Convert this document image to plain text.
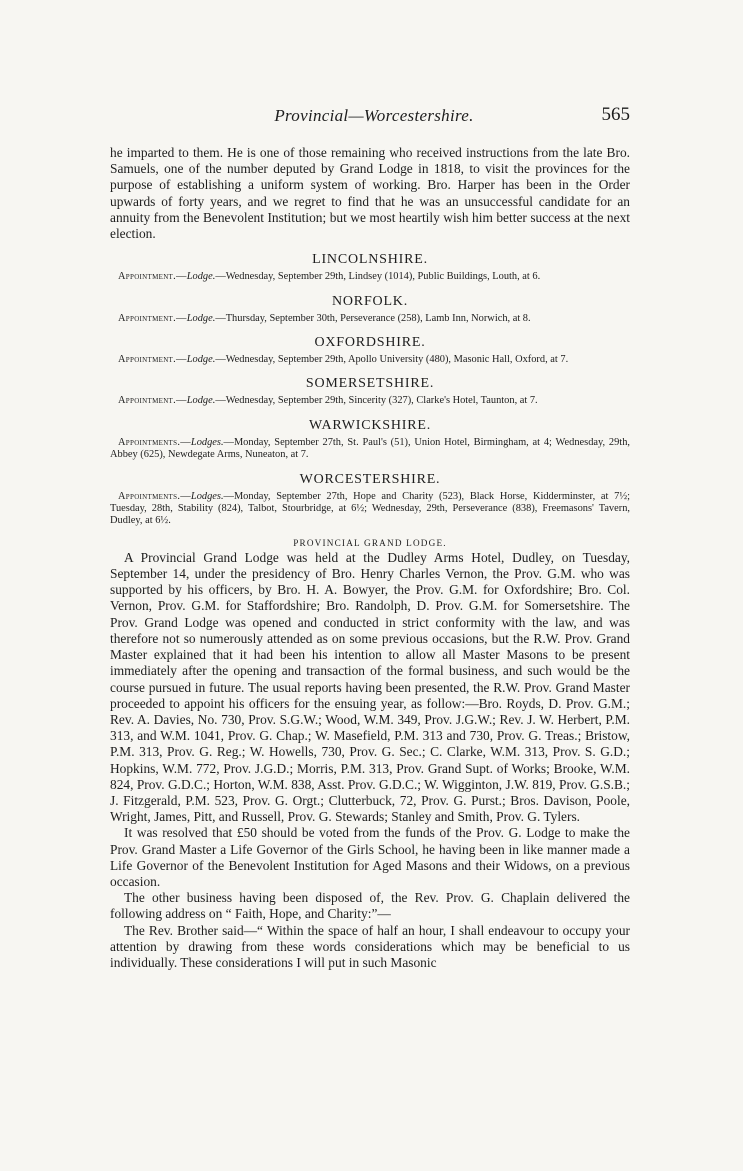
Provincial—Worcestershire.	565

he imparted to them. He is one of those remaining who received instructions from the late Bro. Samuels, one of the number deputed by Grand Lodge in 1818, to visit the provinces for the purpose of establishing a uniform system of working. Bro. Harper has been in the Order upwards of forty years, and we regret to find that he was an unsuccessful candidate for an annuity from the Benevolent Institution; but we most heartily wish him better success at the next election.

LINCOLNSHIRE.

Appointment.—Lodge.—Wednesday, September 29th, Lindsey (1014), Public Buildings, Louth, at 6.

NORFOLK.

Appointment.—Lodge.—Thursday, September 30th, Perseverance (258), Lamb Inn, Norwich, at 8.

OXFORDSHIRE.

Appointment.—Lodge.—Wednesday, September 29th, Apollo University (480), Masonic Hall, Oxford, at 7.

SOMERSETSHIRE.

Appointment.—Lodge.—Wednesday, September 29th, Sincerity (327), Clarke's Hotel, Taunton, at 7.

WARWICKSHIRE.

Appointments.—Lodges.—Monday, September 27th, St. Paul's (51), Union Hotel, Birmingham, at 4; Wednesday, 29th, Abbey (625), Newdegate Arms, Nuneaton, at 7.

WORCESTERSHIRE.

Appointments.—Lodges.—Monday, September 27th, Hope and Charity (523), Black Horse, Kidderminster, at 7½; Tuesday, 28th, Stability (824), Talbot, Stourbridge, at 6½; Wednesday, 29th, Perseverance (838), Freemasons' Tavern, Dudley, at 6½.

PROVINCIAL GRAND LODGE.

A Provincial Grand Lodge was held at the Dudley Arms Hotel, Dudley, on Tuesday, September 14, under the presidency of Bro. Henry Charles Vernon, the Prov. G.M. who was supported by his officers, by Bro. H. A. Bowyer, the Prov. G.M. for Oxfordshire; Bro. Col. Vernon, Prov. G.M. for Staffordshire; Bro. Randolph, D. Prov. G.M. for Somersetshire. The Prov. Grand Lodge was opened and conducted in strict conformity with the law, and was therefore not so numerously attended as on some previous occasions, but the R.W. Prov. Grand Master explained that it had been his intention to allow all Master Masons to be present immediately after the opening and transaction of the formal business, and such would be the course pursued in future. The usual reports having been presented, the R.W. Prov. Grand Master proceeded to appoint his officers for the ensuing year, as follow:—Bro. Royds, D. Prov. G.M.; Rev. A. Davies, No. 730, Prov. S.G.W.; Wood, W.M. 349, Prov. J.G.W.; Rev. J. W. Herbert, P.M. 313, and W.M. 1041, Prov. G. Chap.; W. Masefield, P.M. 313 and 730, Prov. G. Treas.; Bristow, P.M. 313, Prov. G. Reg.; W. Howells, 730, Prov. G. Sec.; C. Clarke, W.M. 313, Prov. S. G.D.; Hopkins, W.M. 772, Prov. J.G.D.; Morris, P.M. 313, Prov. Grand Supt. of Works; Brooke, W.M. 824, Prov. G.D.C.; Horton, W.M. 838, Asst. Prov. G.D.C.; W. Wigginton, J.W. 819, Prov. G.S.B.; J. Fitzgerald, P.M. 523, Prov. G. Orgt.; Clutterbuck, 72, Prov. G. Purst.; Bros. Davison, Poole, Wright, James, Pitt, and Russell, Prov. G. Stewards; Stanley and Smith, Prov. G. Tylers.

It was resolved that £50 should be voted from the funds of the Prov. G. Lodge to make the Prov. Grand Master a Life Governor of the Girls School, he having been in like manner made a Life Governor of the Benevolent Institution for Aged Masons and their Widows, on a previous occasion.

The other business having been disposed of, the Rev. Prov. G. Chaplain delivered the following address on “ Faith, Hope, and Charity:”—

The Rev. Brother said—“ Within the space of half an hour, I shall endeavour to occupy your attention by drawing from these words considerations which may be beneficial to us individually. These considerations I will put in such Masonic
